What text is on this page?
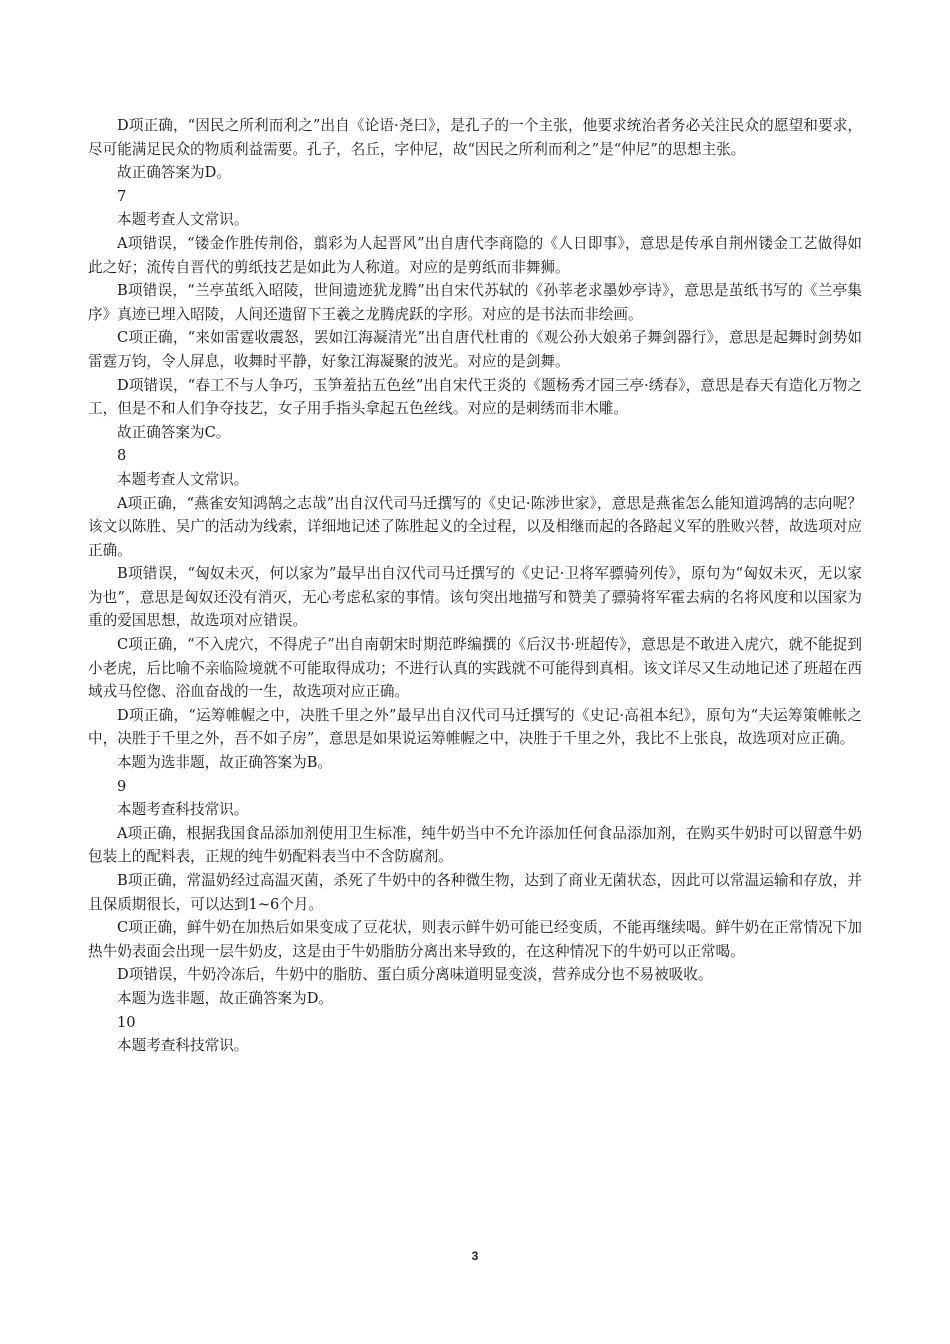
D项正确，“因民之所利而利之”出自《论语·尧曰》，是孔子的一个主张，他要求统治者务必关注民众的愿望和要求，尽可能满足民众的物质利益需要。孔子，名丘，字仲尼，故“因民之所利而利之”是“仲尼”的思想主张。

故正确答案为D。

7

本题考查人文常识。

A项错误，“镂金作胜传荆俗，翦彩为人起晋风”出自唐代李商隐的《人日即事》，意思是传承自荆州镂金工艺做得如此之好；流传自晋代的剪纸技艺是如此为人称道。对应的是剪纸而非舞狮。

B项错误，“兰亭茧纸入昭陵，世间遗迹犹龙腾”出自宋代苏轼的《孙莘老求墨妙亭诗》，意思是茧纸书写的《兰亭集序》真迹已埋入昭陵，人间还遗留下王羲之龙腾虎跃的字形。对应的是书法而非绘画。

C项正确，“来如雷霆收震怒，罢如江海凝清光”出自唐代杜甫的《观公孙大娘弟子舞剑器行》，意思是起舞时剑势如雷霆万钧，令人屏息，收舞时平静，好象江海凝聚的波光。对应的是剑舞。

D项错误，“春工不与人争巧，玉笋羞拈五色丝”出自宋代王炎的《题杨秀才园三亭·绣春》，意思是春天有造化万物之工，但是不和人们争夺技艺，女子用手指头拿起五色丝线。对应的是刺绣而非木雕。

故正确答案为C。

8

本题考查人文常识。

A项正确，“燕雀安知鸿鹄之志哉”出自汉代司马迁撰写的《史记·陈涉世家》，意思是燕雀怎么能知道鸿鹄的志向呢？该文以陈胜、吴广的活动为线索，详细地记述了陈胜起义的全过程，以及相继而起的各路起义军的胜败兴替，故选项对应正确。

B项错误，“匈奴未灭，何以家为”最早出自汉代司马迁撰写的《史记·卫将军骠骑列传》，原句为“匈奴未灭，无以家为也”，意思是匈奴还没有消灭，无心考虑私家的事情。该句突出地描写和赞美了骠骑将军霍去病的名将风度和以国家为重的爱国思想，故选项对应错误。

C项正确，“不入虎穴，不得虎子”出自南朝宋时期范晔编撰的《后汉书·班超传》，意思是不敢进入虎穴，就不能捉到小老虎，后比喻不亲临险境就不可能取得成功；不进行认真的实践就不可能得到真相。该文详尽又生动地记述了班超在西域戎马倥偬、浴血奋战的一生，故选项对应正确。

D项正确，“运筹帷幄之中，决胜千里之外”最早出自汉代司马迁撰写的《史记·高祖本纪》，原句为“夫运筹策帷帐之中，决胜于千里之外，吾不如子房”，意思是如果说运筹帷幄之中，决胜于千里之外，我比不上张良，故选项对应正确。

本题为选非题，故正确答案为B。

9

本题考查科技常识。

A项正确，根据我国食品添加剂使用卫生标准，纯牛奶当中不允许添加任何食品添加剂，在购买牛奶时可以留意牛奶包装上的配料表，正规的纯牛奶配料表当中不含防腐剂。

B项正确，常温奶经过高温灭菌，杀死了牛奶中的各种微生物，达到了商业无菌状态，因此可以常温运输和存放，并且保质期很长，可以达到1~6个月。

C项正确，鲜牛奶在加热后如果变成了豆花状，则表示鲜牛奶可能已经变质，不能再继续喝。鲜牛奶在正常情况下加热牛奶表面会出现一层牛奶皮，这是由于牛奶脂肪分离出来导致的，在这种情况下的牛奶可以正常喝。

D项错误，牛奶冷冻后，牛奶中的脂肪、蛋白质分离味道明显变淡，营养成分也不易被吸收。

本题为选非题，故正确答案为D。

10

本题考查科技常识。

3
